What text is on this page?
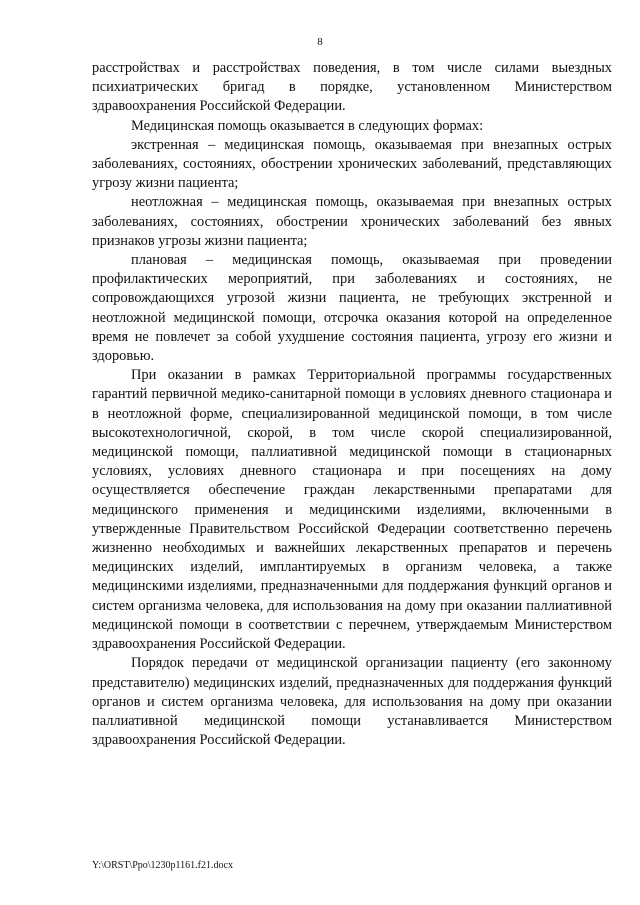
8

расстройствах и расстройствах поведения, в том числе силами выездных психиатрических бригад в порядке, установленном Министерством здравоохранения Российской Федерации.

Медицинская помощь оказывается в следующих формах:

экстренная – медицинская помощь, оказываемая при внезапных острых заболеваниях, состояниях, обострении хронических заболеваний, представляющих угрозу жизни пациента;

неотложная – медицинская помощь, оказываемая при внезапных острых заболеваниях, состояниях, обострении хронических заболеваний без явных признаков угрозы жизни пациента;

плановая – медицинская помощь, оказываемая при проведении профилактических мероприятий, при заболеваниях и состояниях, не сопровождающихся угрозой жизни пациента, не требующих экстренной и неотложной медицинской помощи, отсрочка оказания которой на определенное время не повлечет за собой ухудшение состояния пациента, угрозу его жизни и здоровью.

При оказании в рамках Территориальной программы государственных гарантий первичной медико-санитарной помощи в условиях дневного стационара и в неотложной форме, специализированной медицинской помощи, в том числе высокотехнологичной, скорой, в том числе скорой специализированной, медицинской помощи, паллиативной медицинской помощи в стационарных условиях, условиях дневного стационара и при посещениях на дому осуществляется обеспечение граждан лекарственными препаратами для медицинского применения и медицинскими изделиями, включенными в утвержденные Правительством Российской Федерации соответственно перечень жизненно необходимых и важнейших лекарственных препаратов и перечень медицинских изделий, имплантируемых в организм человека, а также медицинскими изделиями, предназначенными для поддержания функций органов и систем организма человека, для использования на дому при оказании паллиативной медицинской помощи в соответствии с перечнем, утверждаемым Министерством здравоохранения Российской Федерации.

Порядок передачи от медицинской организации пациенту (его законному представителю) медицинских изделий, предназначенных для поддержания функций органов и систем организма человека, для использования на дому при оказании паллиативной медицинской помощи устанавливается Министерством здравоохранения Российской Федерации.

Y:\ORST\Ppo\1230p1161.f21.docx
